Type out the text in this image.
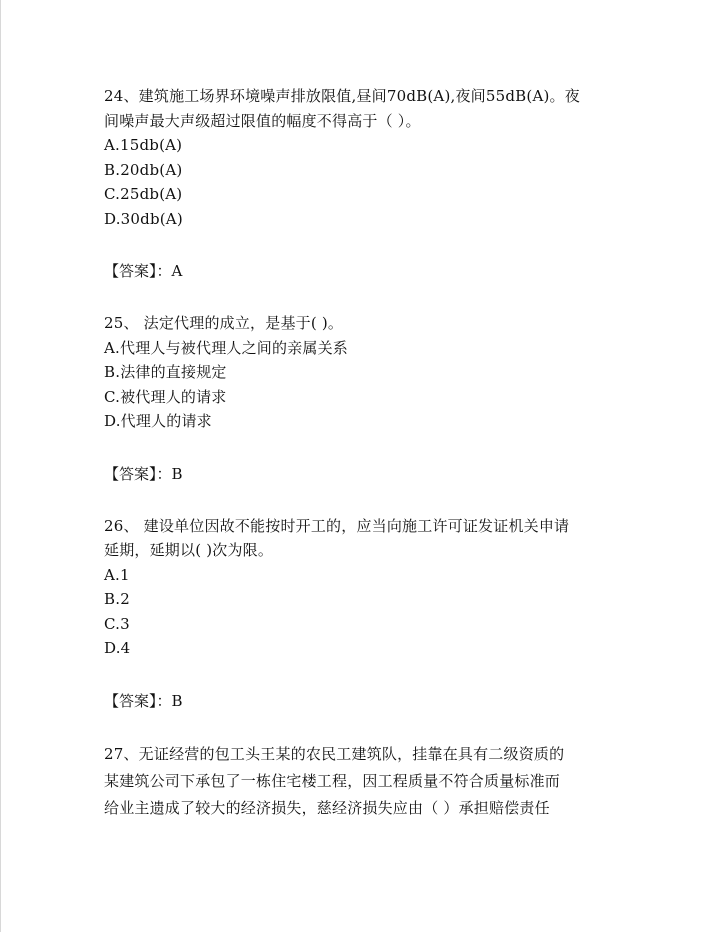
24、建筑施工场界环境噪声排放限值,昼间70dB(A),夜间55dB(A)。夜
间噪声最大声级超过限值的幅度不得高于（ ）。
A.15db(A)
B.20db(A)
C.25db(A)
D.30db(A)
【答案】：A
25、 法定代理的成立，是基于( )。
A.代理人与被代理人之间的亲属关系
B.法律的直接规定
C.被代理人的请求
D.代理人的请求
【答案】：B
26、 建设单位因故不能按时开工的，应当向施工许可证发证机关申请
延期，延期以( )次为限。
A.1
B.2
C.3
D.4
【答案】：B
27、无证经营的包工头王某的农民工建筑队，挂靠在具有二级资质的
某建筑公司下承包了一栋住宅楼工程，因工程质量不符合质量标准而
给业主遗成了较大的经济损失，慈经济损失应由（ ）承担赔偿责任
